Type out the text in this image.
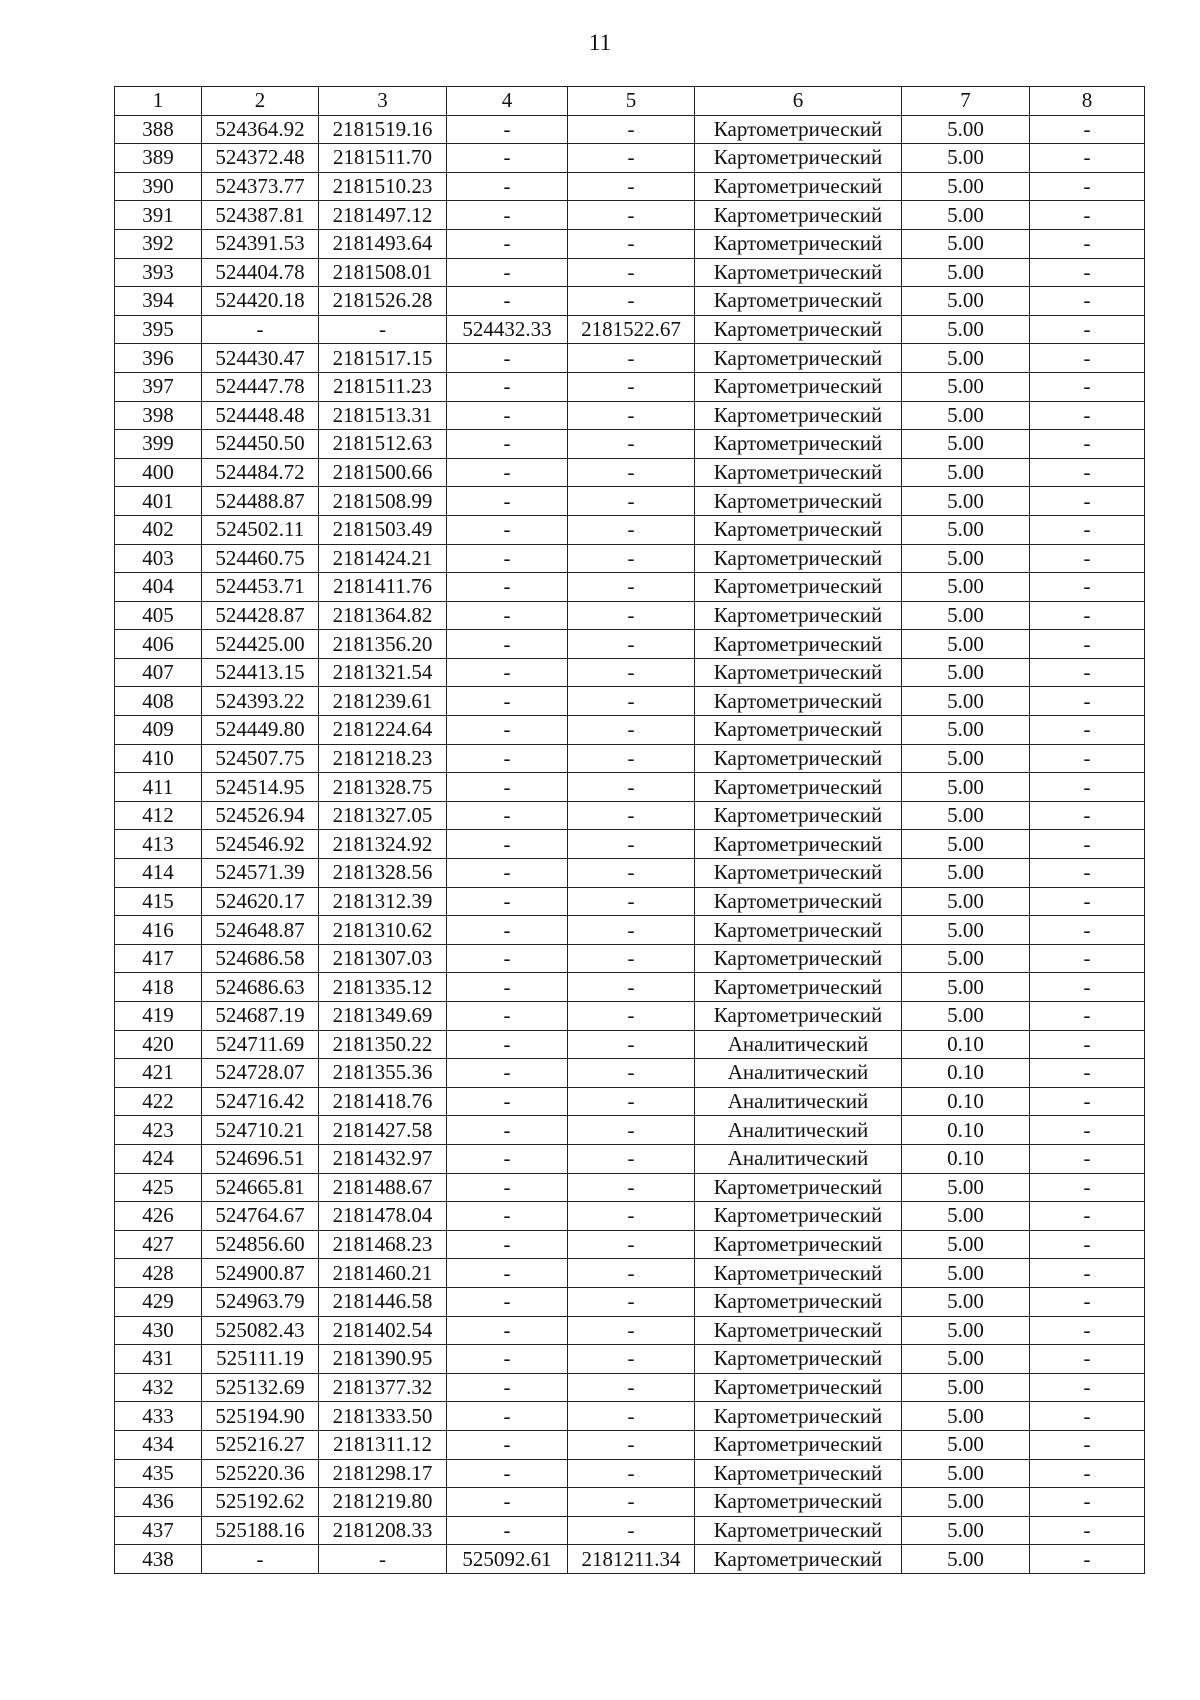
11
1	2	3	4	5	6	7	8
388	524364.92	2181519.16	-	-	Картометрический	5.00	-
389	524372.48	2181511.70	-	-	Картометрический	5.00	-
390	524373.77	2181510.23	-	-	Картометрический	5.00	-
391	524387.81	2181497.12	-	-	Картометрический	5.00	-
392	524391.53	2181493.64	-	-	Картометрический	5.00	-
393	524404.78	2181508.01	-	-	Картометрический	5.00	-
394	524420.18	2181526.28	-	-	Картометрический	5.00	-
395	-	-	524432.33	2181522.67	Картометрический	5.00	-
396	524430.47	2181517.15	-	-	Картометрический	5.00	-
397	524447.78	2181511.23	-	-	Картометрический	5.00	-
398	524448.48	2181513.31	-	-	Картометрический	5.00	-
399	524450.50	2181512.63	-	-	Картометрический	5.00	-
400	524484.72	2181500.66	-	-	Картометрический	5.00	-
401	524488.87	2181508.99	-	-	Картометрический	5.00	-
402	524502.11	2181503.49	-	-	Картометрический	5.00	-
403	524460.75	2181424.21	-	-	Картометрический	5.00	-
404	524453.71	2181411.76	-	-	Картометрический	5.00	-
405	524428.87	2181364.82	-	-	Картометрический	5.00	-
406	524425.00	2181356.20	-	-	Картометрический	5.00	-
407	524413.15	2181321.54	-	-	Картометрический	5.00	-
408	524393.22	2181239.61	-	-	Картометрический	5.00	-
409	524449.80	2181224.64	-	-	Картометрический	5.00	-
410	524507.75	2181218.23	-	-	Картометрический	5.00	-
411	524514.95	2181328.75	-	-	Картометрический	5.00	-
412	524526.94	2181327.05	-	-	Картометрический	5.00	-
413	524546.92	2181324.92	-	-	Картометрический	5.00	-
414	524571.39	2181328.56	-	-	Картометрический	5.00	-
415	524620.17	2181312.39	-	-	Картометрический	5.00	-
416	524648.87	2181310.62	-	-	Картометрический	5.00	-
417	524686.58	2181307.03	-	-	Картометрический	5.00	-
418	524686.63	2181335.12	-	-	Картометрический	5.00	-
419	524687.19	2181349.69	-	-	Картометрический	5.00	-
420	524711.69	2181350.22	-	-	Аналитический	0.10	-
421	524728.07	2181355.36	-	-	Аналитический	0.10	-
422	524716.42	2181418.76	-	-	Аналитический	0.10	-
423	524710.21	2181427.58	-	-	Аналитический	0.10	-
424	524696.51	2181432.97	-	-	Аналитический	0.10	-
425	524665.81	2181488.67	-	-	Картометрический	5.00	-
426	524764.67	2181478.04	-	-	Картометрический	5.00	-
427	524856.60	2181468.23	-	-	Картометрический	5.00	-
428	524900.87	2181460.21	-	-	Картометрический	5.00	-
429	524963.79	2181446.58	-	-	Картометрический	5.00	-
430	525082.43	2181402.54	-	-	Картометрический	5.00	-
431	525111.19	2181390.95	-	-	Картометрический	5.00	-
432	525132.69	2181377.32	-	-	Картометрический	5.00	-
433	525194.90	2181333.50	-	-	Картометрический	5.00	-
434	525216.27	2181311.12	-	-	Картометрический	5.00	-
435	525220.36	2181298.17	-	-	Картометрический	5.00	-
436	525192.62	2181219.80	-	-	Картометрический	5.00	-
437	525188.16	2181208.33	-	-	Картометрический	5.00	-
438	-	-	525092.61	2181211.34	Картометрический	5.00	-
